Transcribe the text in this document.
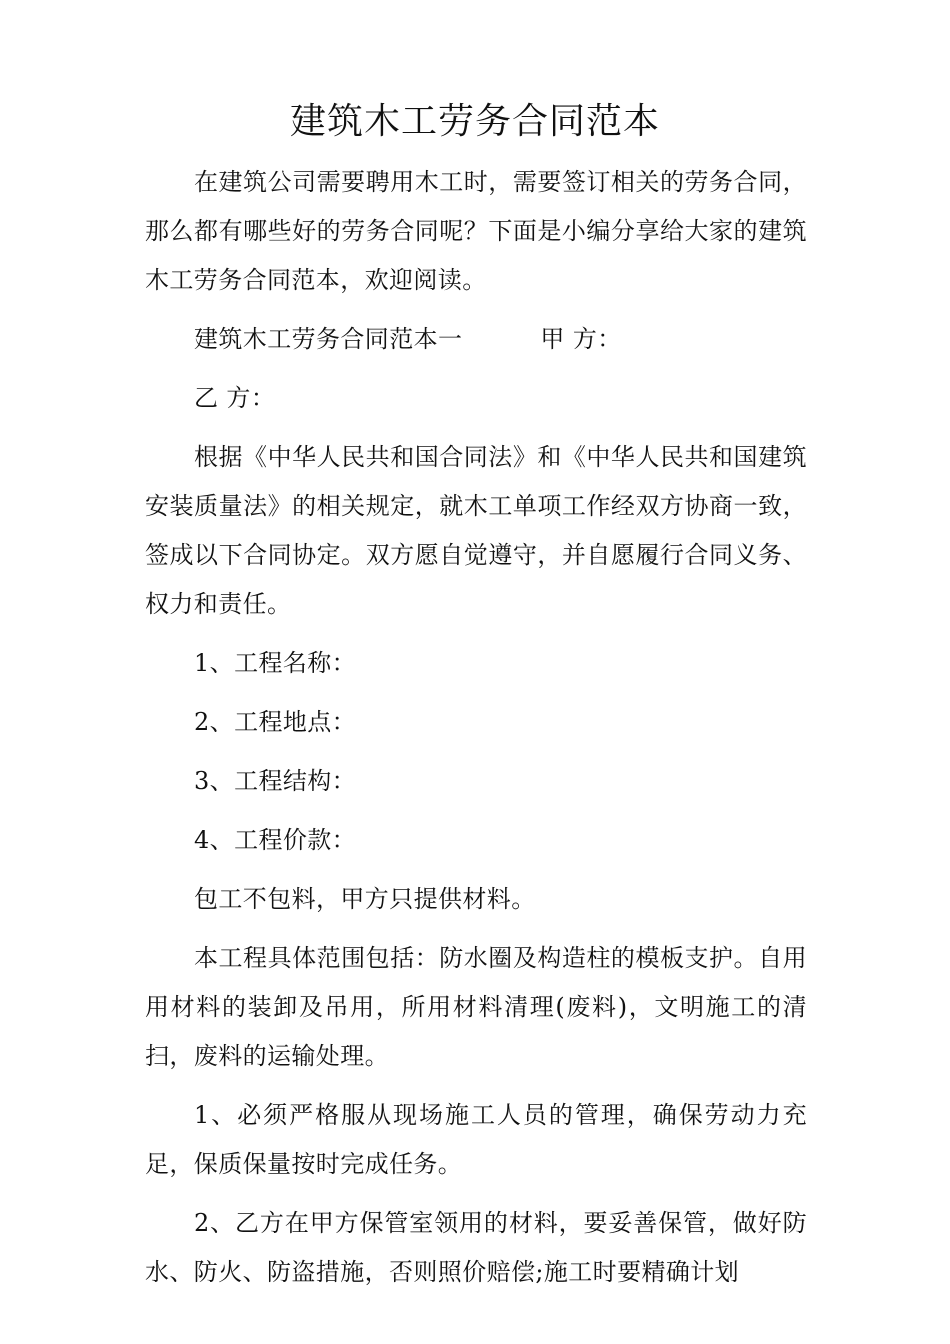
建筑木工劳务合同范本

在建筑公司需要聘用木工时，需要签订相关的劳务合同，那么都有哪些好的劳务合同呢？下面是小编分享给大家的建筑木工劳务合同范本，欢迎阅读。

建筑木工劳务合同范本一	甲 方：

乙 方：

根据《中华人民共和国合同法》和《中华人民共和国建筑安装质量法》的相关规定，就木工单项工作经双方协商一致，签成以下合同协定。双方愿自觉遵守，并自愿履行合同义务、权力和责任。

1、工程名称：

2、工程地点：

3、工程结构：

4、工程价款：

包工不包料，甲方只提供材料。

本工程具体范围包括：防水圈及构造柱的模板支护。自用用材料的装卸及吊用，所用材料清理(废料)，文明施工的清扫，废料的运输处理。

1、必须严格服从现场施工人员的管理，确保劳动力充足，保质保量按时完成任务。

2、乙方在甲方保管室领用的材料，要妥善保管，做好防水、防火、防盗措施，否则照价赔偿;施工时要精确计划
